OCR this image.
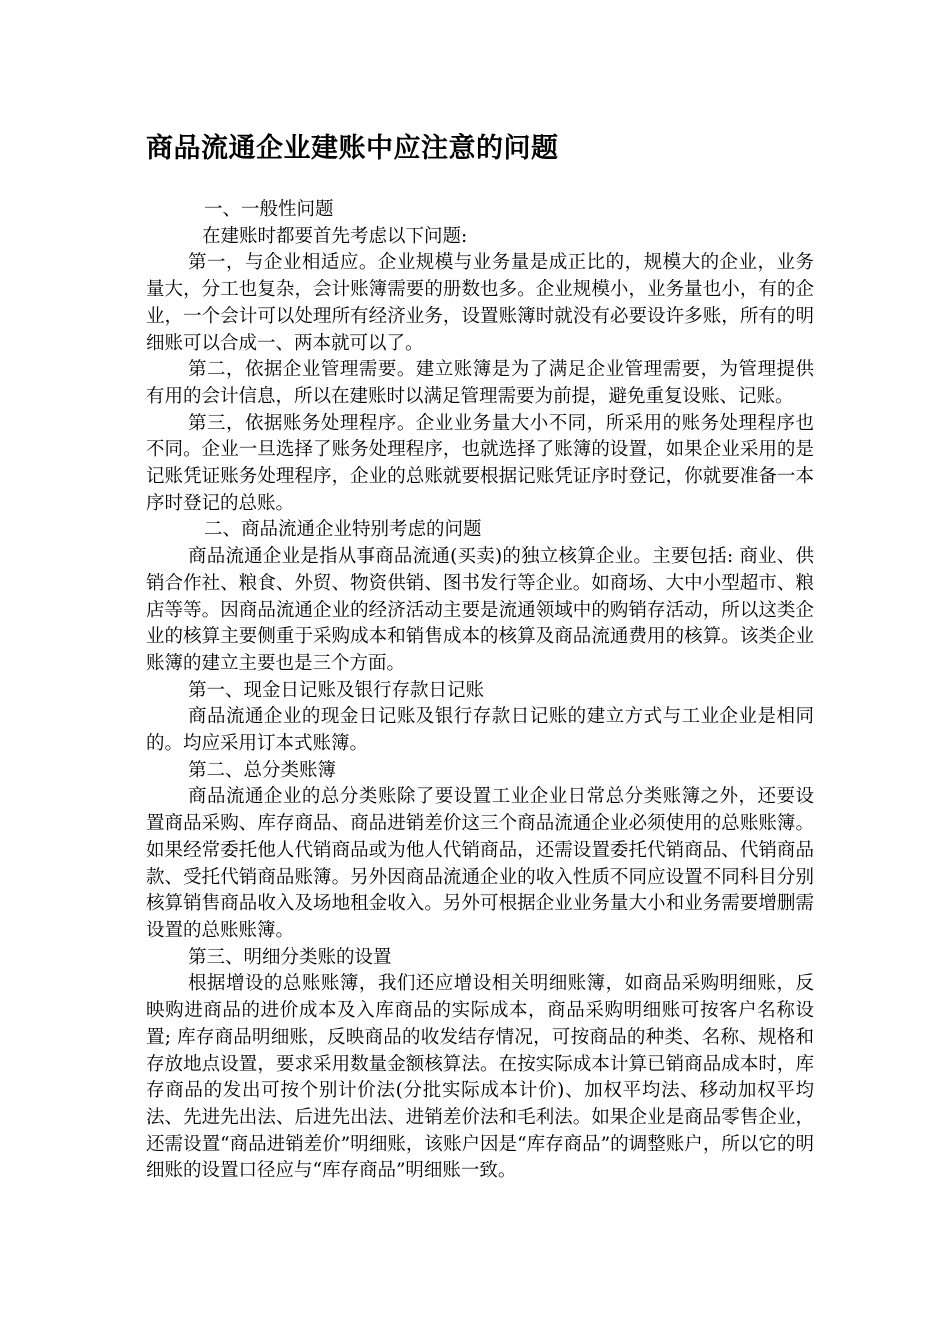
商品流通企业建账中应注意的问题

一、一般性问题

在建账时都要首先考虑以下问题:

第一，与企业相适应。企业规模与业务量是成正比的，规模大的企业，业务量大，分工也复杂，会计账簿需要的册数也多。企业规模小，业务量也小，有的企业，一个会计可以处理所有经济业务，设置账簿时就没有必要设许多账，所有的明细账可以合成一、两本就可以了。

第二，依据企业管理需要。建立账簿是为了满足企业管理需要，为管理提供有用的会计信息，所以在建账时以满足管理需要为前提，避免重复设账、记账。

第三，依据账务处理程序。企业业务量大小不同，所采用的账务处理程序也不同。企业一旦选择了账务处理程序，也就选择了账簿的设置，如果企业采用的是记账凭证账务处理程序，企业的总账就要根据记账凭证序时登记，你就要准备一本序时登记的总账。

二、商品流通企业特别考虑的问题

商品流通企业是指从事商品流通(买卖)的独立核算企业。主要包括: 商业、供销合作社、粮食、外贸、物资供销、图书发行等企业。如商场、大中小型超市、粮店等等。因商品流通企业的经济活动主要是流通领域中的购销存活动，所以这类企业的核算主要侧重于采购成本和销售成本的核算及商品流通费用的核算。该类企业账簿的建立主要也是三个方面。

第一、现金日记账及银行存款日记账

商品流通企业的现金日记账及银行存款日记账的建立方式与工业企业是相同的。均应采用订本式账簿。

第二、总分类账簿

商品流通企业的总分类账除了要设置工业企业日常总分类账簿之外，还要设置商品采购、库存商品、商品进销差价这三个商品流通企业必须使用的总账账簿。如果经常委托他人代销商品或为他人代销商品，还需设置委托代销商品、代销商品款、受托代销商品账簿。另外因商品流通企业的收入性质不同应设置不同科目分别核算销售商品收入及场地租金收入。另外可根据企业业务量大小和业务需要增删需设置的总账账簿。

第三、明细分类账的设置

根据增设的总账账簿，我们还应增设相关明细账簿，如商品采购明细账，反映购进商品的进价成本及入库商品的实际成本，商品采购明细账可按客户名称设置; 库存商品明细账，反映商品的收发结存情况，可按商品的种类、名称、规格和存放地点设置，要求采用数量金额核算法。在按实际成本计算已销商品成本时，库存商品的发出可按个别计价法(分批实际成本计价)、加权平均法、移动加权平均法、先进先出法、后进先出法、进销差价法和毛利法。如果企业是商品零售企业，还需设置“商品进销差价”明细账，该账户因是“库存商品”的调整账户，所以它的明细账的设置口径应与“库存商品”明细账一致。
